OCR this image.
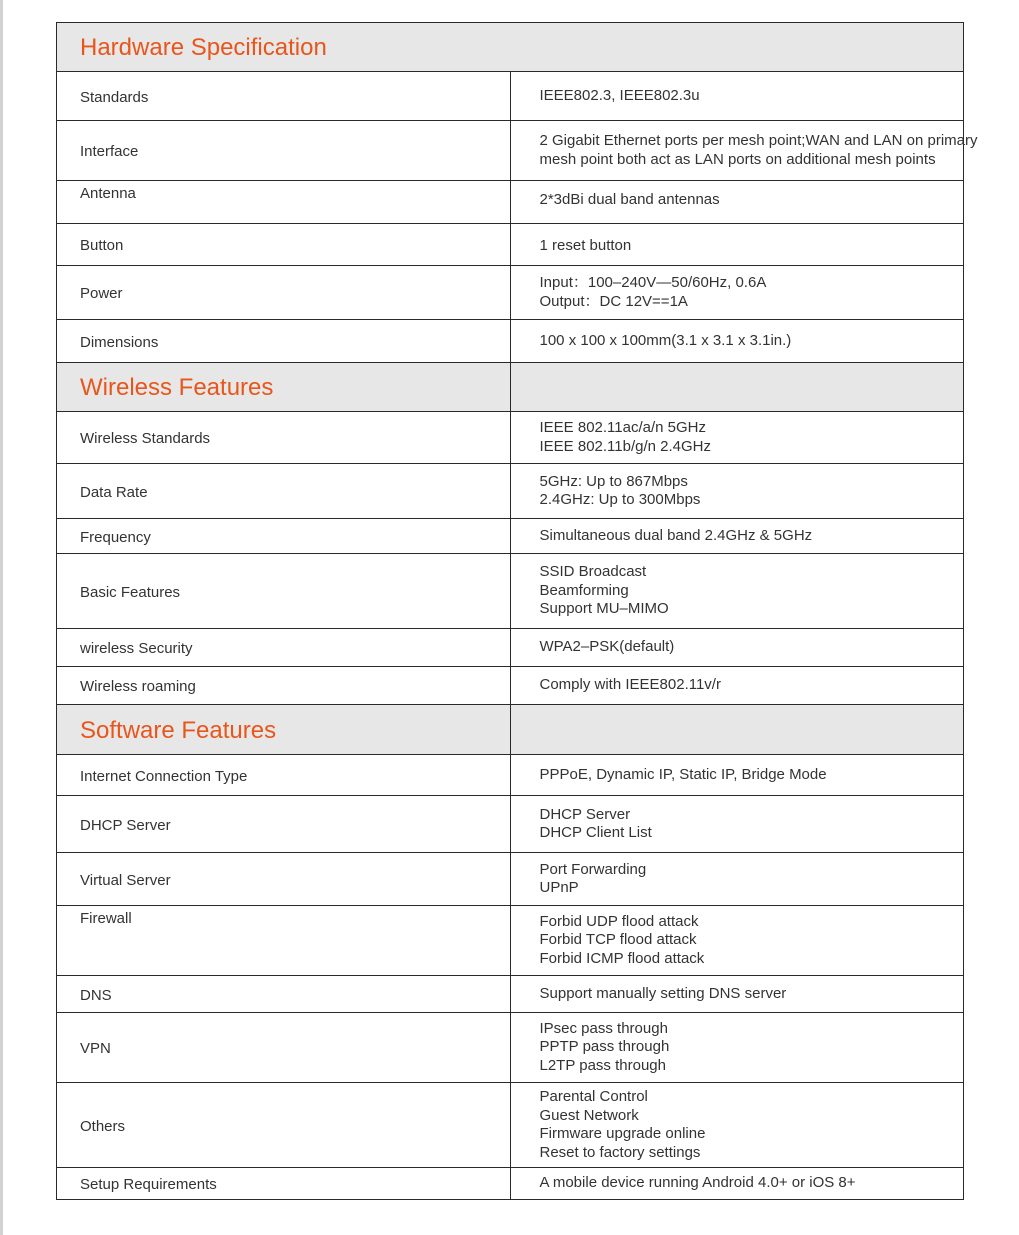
Hardware Specification	
Standards	IEEE802.3, IEEE802.3u

Interface	2 Gigabit Ethernet ports per mesh point;WAN and LAN on primary
mesh point both act as LAN ports on additional mesh points

Antenna	2*3dBi dual band antennas

Button	1 reset button

Power	Input：100–240V—50/60Hz, 0.6A
Output：DC 12V==1A

Dimensions	100 x 100 x 100mm(3.1 x 3.1 x 3.1in.)

Wireless Features	
Wireless Standards	IEEE 802.11ac/a/n 5GHz
IEEE 802.11b/g/n 2.4GHz

Data Rate	5GHz: Up to 867Mbps
2.4GHz: Up to 300Mbps

Frequency	Simultaneous dual band 2.4GHz & 5GHz

Basic Features	SSID Broadcast
Beamforming
Support MU–MIMO

wireless Security	WPA2–PSK(default)

Wireless roaming	Comply with IEEE802.11v/r

Software Features	
Internet Connection Type	PPPoE, Dynamic IP, Static IP, Bridge Mode

DHCP Server	DHCP Server
DHCP Client List

Virtual Server	Port Forwarding
UPnP

Firewall	Forbid UDP flood attack
Forbid TCP flood attack
Forbid ICMP flood attack

DNS	Support manually setting DNS server

VPN	IPsec pass through
PPTP pass through
L2TP pass through

Others	Parental Control
Guest Network
Firmware upgrade online
Reset to factory settings

Setup Requirements	A mobile device running Android 4.0+ or iOS 8+
